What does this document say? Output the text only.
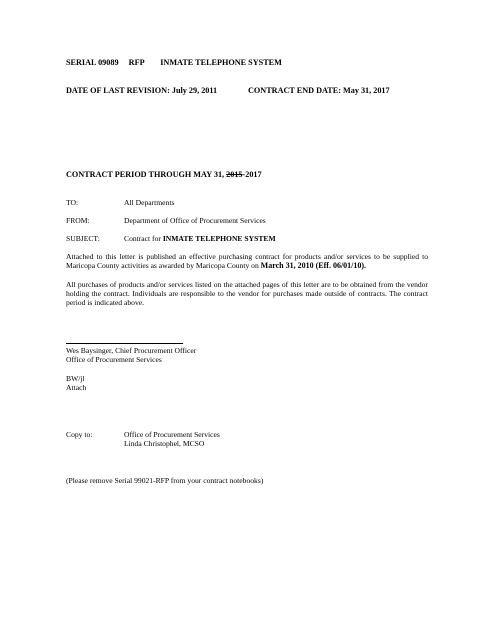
SERIAL 09089 RFP INMATE TELEPHONE SYSTEM
DATE OF LAST REVISION: July 29, 2011	CONTRACT END DATE: May 31, 2017
CONTRACT PERIOD THROUGH MAY 31, 2015-2017
TO:	All Departments
FROM:	Department of Office of Procurement Services
SUBJECT:	Contract for INMATE TELEPHONE SYSTEM
Attached to this letter is published an effective purchasing contract for products and/or services to be supplied to Maricopa County activities as awarded by Maricopa County on March 31, 2010 (Eff. 06/01/10).
All purchases of products and/or services listed on the attached pages of this letter are to be obtained from the vendor holding the contract. Individuals are responsible to the vendor for purchases made outside of contracts. The contract period is indicated above.
Wes Baysinger, Chief Procurement Officer
Office of Procurement Services
BW/jl
Attach
Copy to:	Office of Procurement Services
Linda Christophel, MCSO
(Please remove Serial 99021-RFP from your contract notebooks)
